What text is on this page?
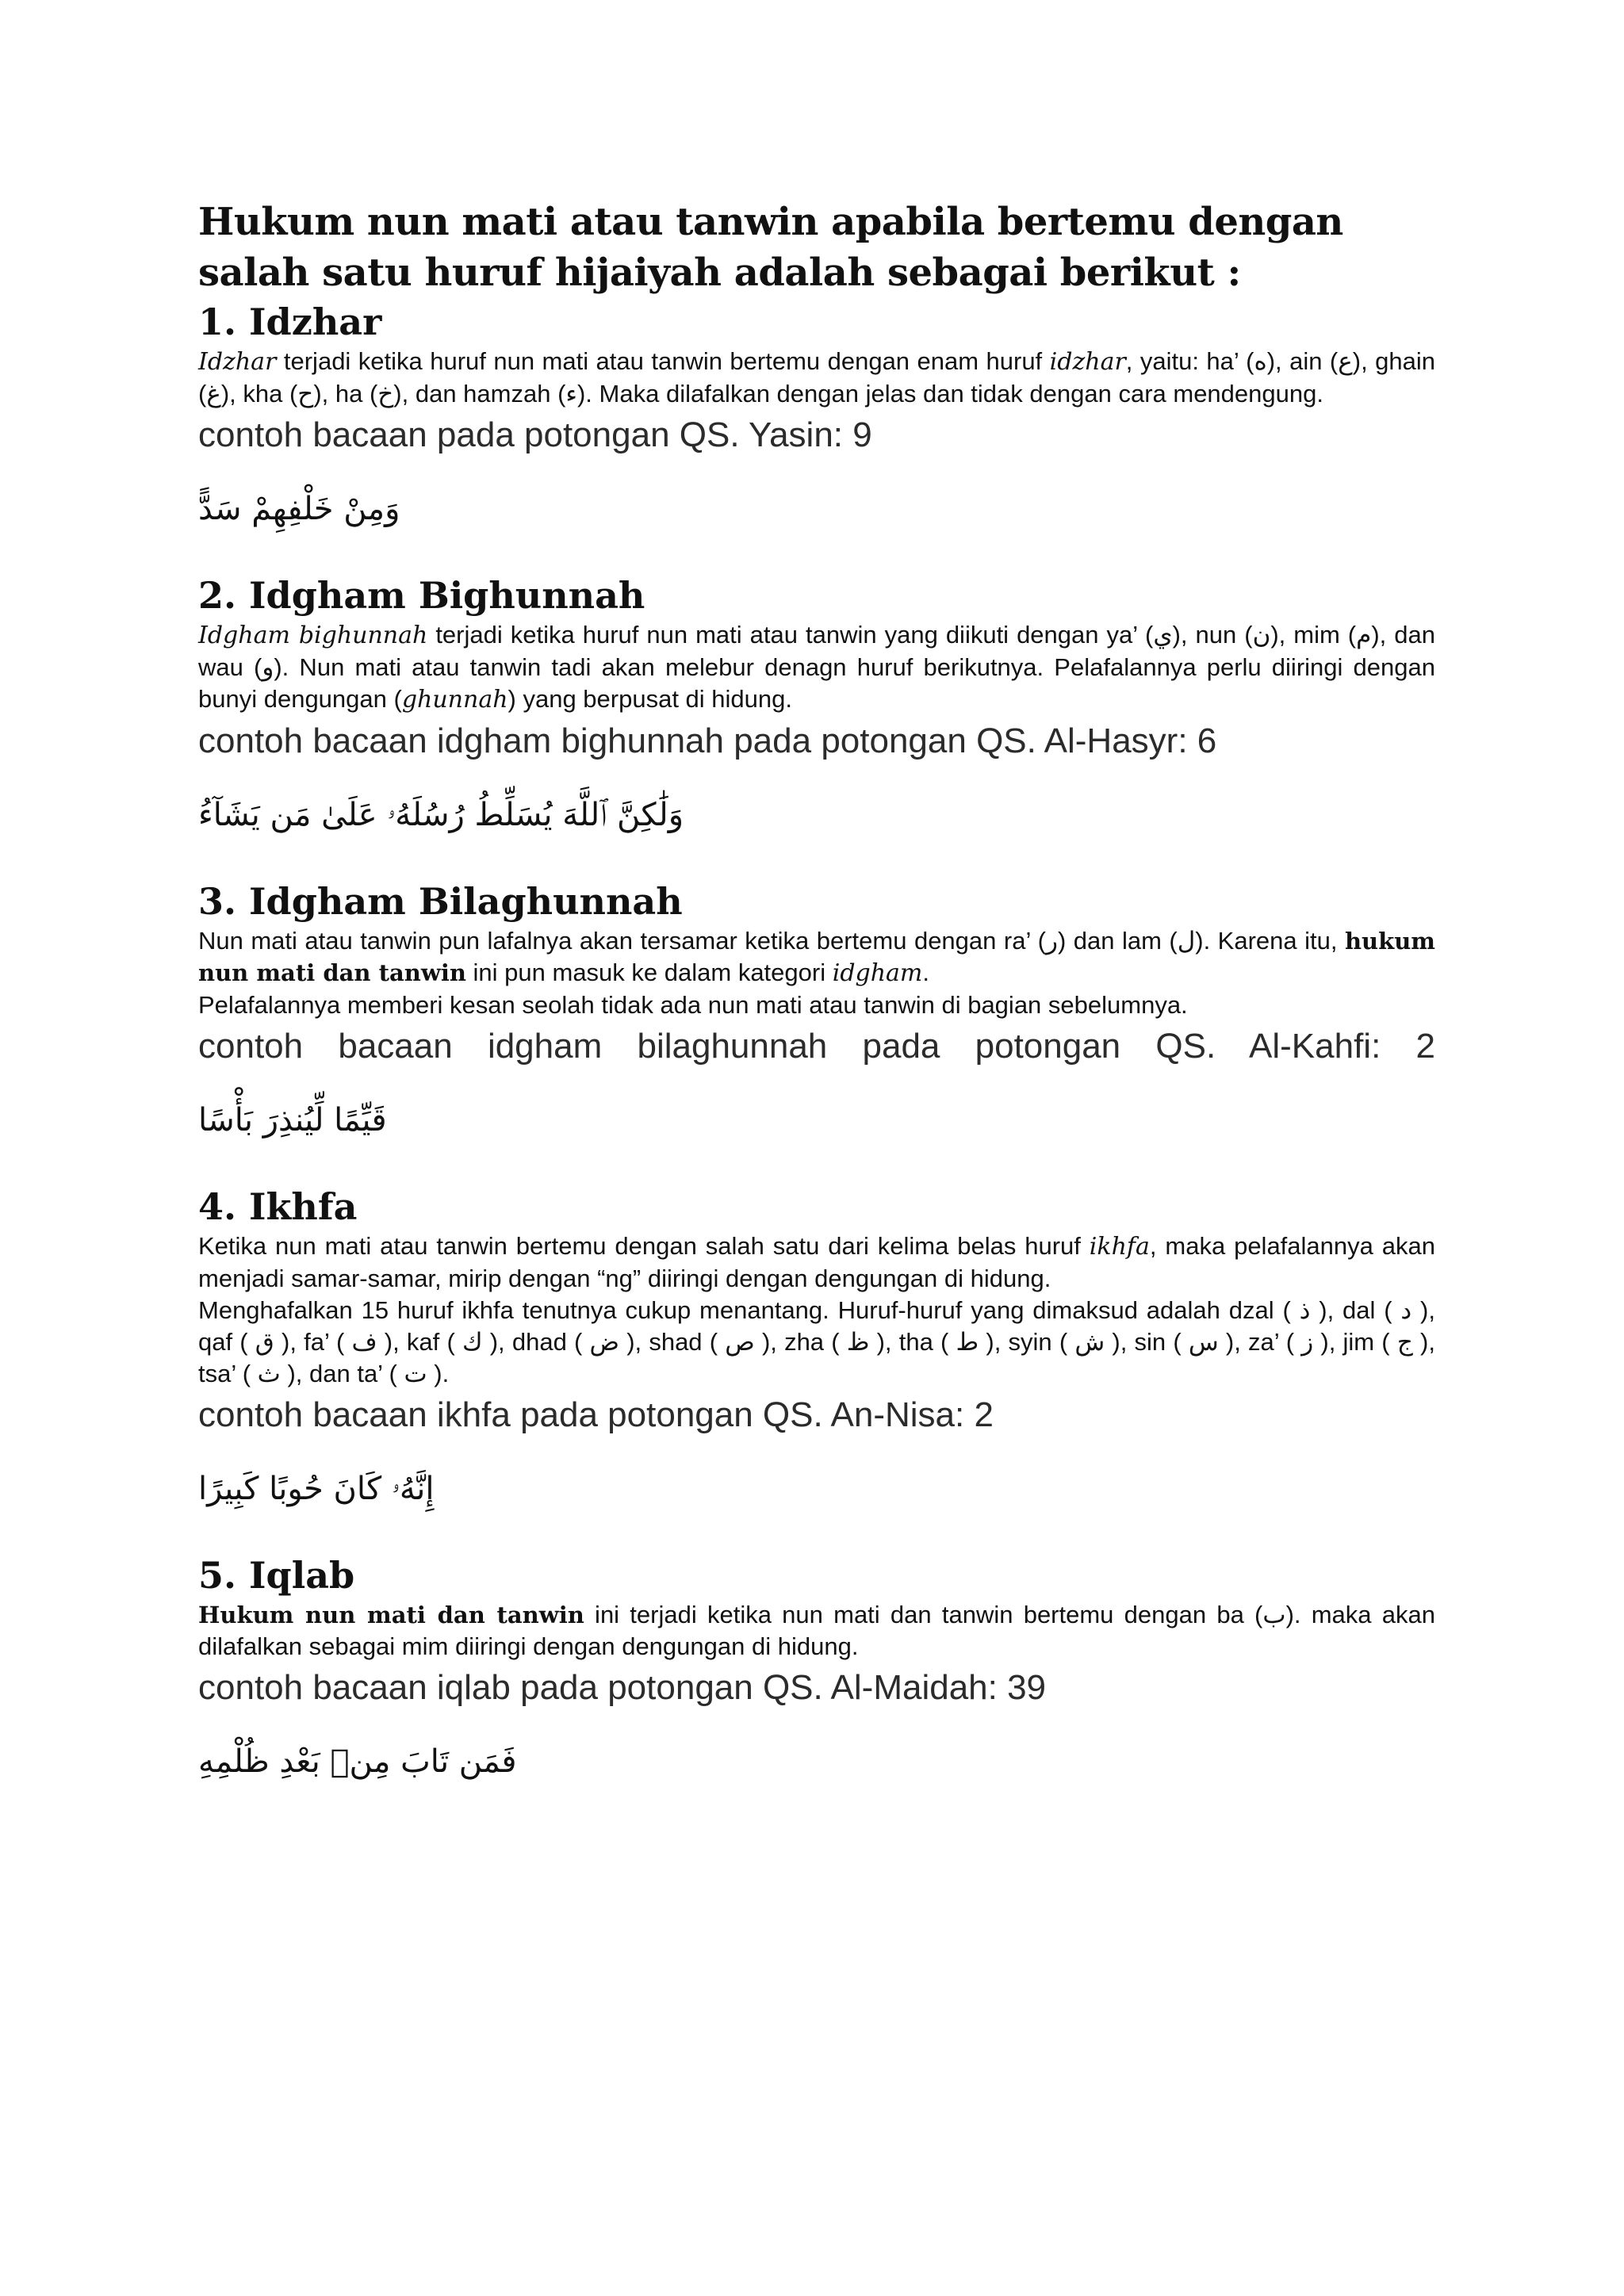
Hukum nun mati atau tanwin apabila bertemu dengan salah satu huruf hijaiyah adalah sebagai berikut :
1. Idzhar

Idzhar terjadi ketika huruf nun mati atau tanwin bertemu dengan enam huruf idzhar, yaitu: ha’ (ه), ain (ع), ghain (غ), kha (ح), ha (خ), dan hamzah (ء). Maka dilafalkan dengan jelas dan tidak dengan cara mendengung.

contoh bacaan pada potongan QS. Yasin: 9

وَمِنْ خَلْفِهِمْ سَدًّ

2. Idgham Bighunnah

Idgham bighunnah terjadi ketika huruf nun mati atau tanwin yang diikuti dengan ya’ (ي), nun (ن), mim (م), dan wau (و). Nun mati atau tanwin tadi akan melebur denagn huruf berikutnya. Pelafalannya perlu diiringi dengan bunyi dengungan (ghunnah) yang berpusat di hidung.

contoh bacaan idgham bighunnah pada potongan QS. Al-Hasyr: 6

وَلَٰكِنَّ ٱللَّهَ يُسَلِّطُ رُسُلَهُۥ عَلَىٰ مَن يَشَآءُ

3. Idgham Bilaghunnah

Nun mati atau tanwin pun lafalnya akan tersamar ketika bertemu dengan ra’ (ر) dan lam (ل). Karena itu, hukum nun mati dan tanwin ini pun masuk ke dalam kategori idgham.

Pelafalannya memberi kesan seolah tidak ada nun mati atau tanwin di bagian sebelumnya.

contoh bacaan idgham bilaghunnah pada potongan QS. Al-Kahfi: 2

قَيِّمًا لِّيُنذِرَ بَأْسًا

4. Ikhfa

Ketika nun mati atau tanwin bertemu dengan salah satu dari kelima belas huruf ikhfa, maka pelafalannya akan menjadi samar-samar, mirip dengan “ng” diiringi dengan dengungan di hidung.

Menghafalkan 15 huruf ikhfa tenutnya cukup menantang. Huruf-huruf yang dimaksud adalah dzal ( ذ ), dal ( د ), qaf ( ق ), fa’ ( ف ), kaf ( ك ), dhad ( ض ), shad ( ص ), zha ( ظ ), tha ( ط ), syin ( ش ), sin ( س ), za’ ( ز ), jim ( ج ), tsa’ ( ث ), dan ta’ ( ت ).

contoh bacaan ikhfa pada potongan QS. An-Nisa: 2

إِنَّهُۥ كَانَ حُوبًا كَبِيرًا

5. Iqlab

Hukum nun mati dan tanwin ini terjadi ketika nun mati dan tanwin bertemu dengan ba (ب). maka akan dilafalkan sebagai mim diiringi dengan dengungan di hidung.

contoh bacaan iqlab pada potongan QS. Al-Maidah: 39

فَمَن تَابَ مِنۢ بَعْدِ ظُلْمِهِ
